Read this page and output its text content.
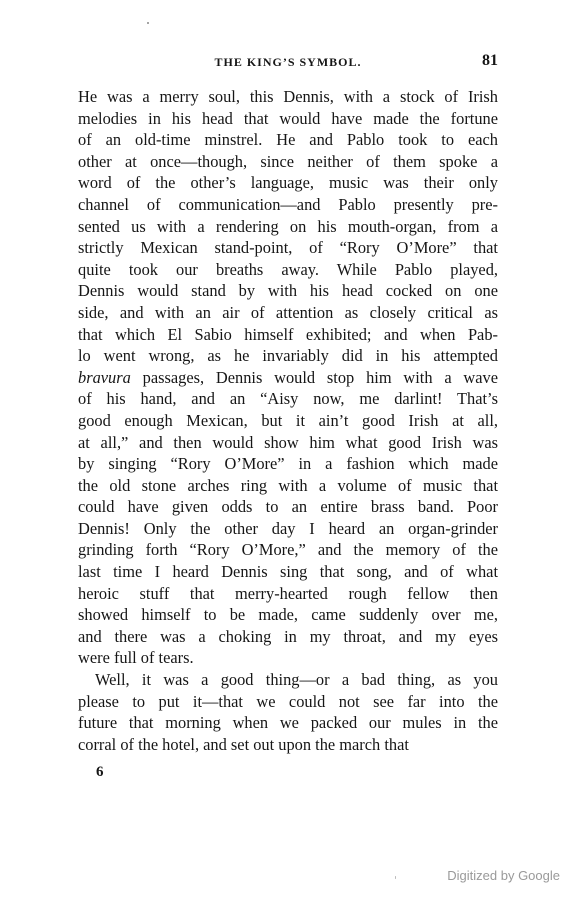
THE KING’S SYMBOL.	81
He was a merry soul, this Dennis, with a stock of Irish
melodies in his head that would have made the fortune
of an old-time minstrel. He and Pablo took to each
other at once—though, since neither of them spoke a
word of the other’s language, music was their only
channel of communication—and Pablo presently pre-
sented us with a rendering on his mouth-organ, from a
strictly Mexican stand-point, of “Rory O’More” that
quite took our breaths away. While Pablo played,
Dennis would stand by with his head cocked on one
side, and with an air of attention as closely critical as
that which El Sabio himself exhibited; and when Pab-
lo went wrong, as he invariably did in his attempted
bravura passages, Dennis would stop him with a wave
of his hand, and an “Aisy now, me darlint! That’s
good enough Mexican, but it ain’t good Irish at all,
at all,” and then would show him what good Irish was
by singing “Rory O’More” in a fashion which made
the old stone arches ring with a volume of music that
could have given odds to an entire brass band. Poor
Dennis! Only the other day I heard an organ-grinder
grinding forth “Rory O’More,” and the memory of the
last time I heard Dennis sing that song, and of what
heroic stuff that merry-hearted rough fellow then
showed himself to be made, came suddenly over me,
and there was a choking in my throat, and my eyes
were full of tears.
Well, it was a good thing—or a bad thing, as you
please to put it—that we could not see far into the
future that morning when we packed our mules in the
corral of the hotel, and set out upon the march that
6
Digitized by Google
